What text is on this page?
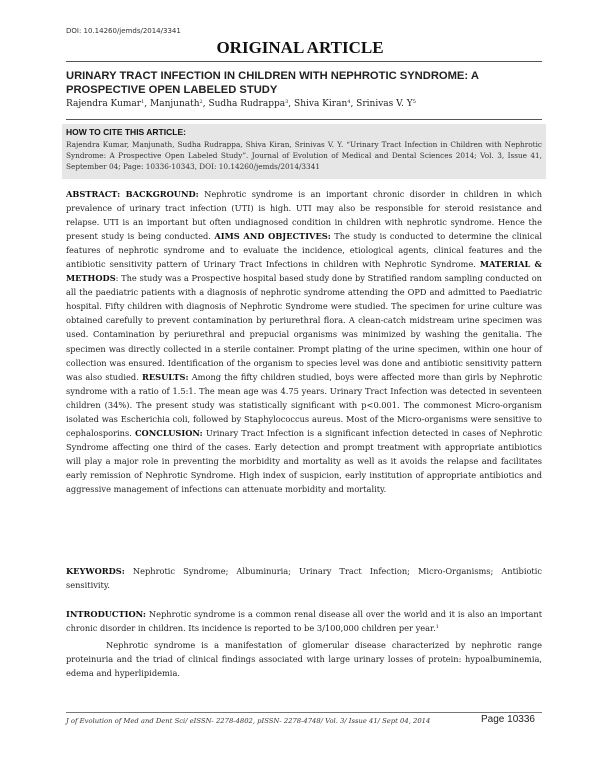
DOI: 10.14260/jemds/2014/3341
ORIGINAL ARTICLE
URINARY TRACT INFECTION IN CHILDREN WITH NEPHROTIC SYNDROME: A PROSPECTIVE OPEN LABELED STUDY
Rajendra Kumar$^1$, Manjunath$^2$, Sudha Rudrappa$^3$, Shiva Kiran$^4$, Srinivas V. $Y^5$
HOW TO CITE THIS ARTICLE:

Rajendra Kumar, Manjunath, Sudha Rudrappa, Shiva Kiran, Srinivas V. Y. “Urinary Tract Infection in Children with Nephrotic Syndrome: A Prospective Open Labeled Study”. Journal of Evolution of Medical and Dental Sciences 2014; Vol. 3, Issue 41, September 04; Page: 10336-10343, DOI: 10.14260/jemds/2014/3341

ABSTRACT: BACKGROUND: Nephrotic syndrome is an important chronic disorder in children in which prevalence of urinary tract infection (UTI) is high. UTI may also be responsible for steroid resistance and relapse. UTI is an important but often undiagnosed condition in children with nephrotic syndrome. Hence the present study is being conducted. AIMS AND OBJECTIVES: The study is conducted to determine the clinical features of nephrotic syndrome and to evaluate the incidence, etiological agents, clinical features and the antibiotic sensitivity pattern of Urinary Tract Infections in children with Nephrotic Syndrome. MATERIAL & METHODS: The study was a Prospective hospital based study done by Stratified random sampling conducted on all the paediatric patients with a diagnosis of nephrotic syndrome attending the OPD and admitted to Paediatric hospital. Fifty children with diagnosis of Nephrotic Syndrome were studied. The specimen for urine culture was obtained carefully to prevent contamination by periurethral flora. A clean-catch midstream urine specimen was used. Contamination by periurethral and prepucial organisms was minimized by washing the genitalia. The specimen was directly collected in a sterile container. Prompt plating of the urine specimen, within one hour of collection was ensured. Identification of the organism to species level was done and antibiotic sensitivity pattern was also studied. RESULTS: Among the fifty children studied, boys were affected more than girls by Nephrotic syndrome with a ratio of 1.5:1. The mean age was 4.75 years. Urinary Tract Infection was detected in seventeen children (34%). The present study was statistically significant with p<0.001. The commonest Micro-organism isolated was Escherichia coli, followed by Staphylococcus aureus. Most of the Micro-organisms were sensitive to cephalosporins. CONCLUSION: Urinary Tract Infection is a significant infection detected in cases of Nephrotic Syndrome affecting one third of the cases. Early detection and prompt treatment with appropriate antibiotics will play a major role in preventing the morbidity and mortality as well as it avoids the relapse and facilitates early remission of Nephrotic Syndrome. High index of suspicion, early institution of appropriate antibiotics and aggressive management of infections can attenuate morbidity and mortality.

KEYWORDS: Nephrotic Syndrome; Albuminuria; Urinary Tract Infection; Micro-Organisms; Antibiotic sensitivity.

INTRODUCTION: Nephrotic syndrome is a common renal disease all over the world and it is also an important chronic disorder in children. Its incidence is reported to be 3/100,000 children per year.$^1$

Nephrotic syndrome is a manifestation of glomerular disease characterized by nephrotic range proteinuria and the triad of clinical findings associated with large urinary losses of protein: hypoalbuminemia, edema and hyperlipidemia.

J of Evolution of Med and Dent Sci/ eISSN- 2278-4802, pISSN- 2278-4748/ Vol. 3/ Issue 41/ Sept 04, 2014	Page 10336
